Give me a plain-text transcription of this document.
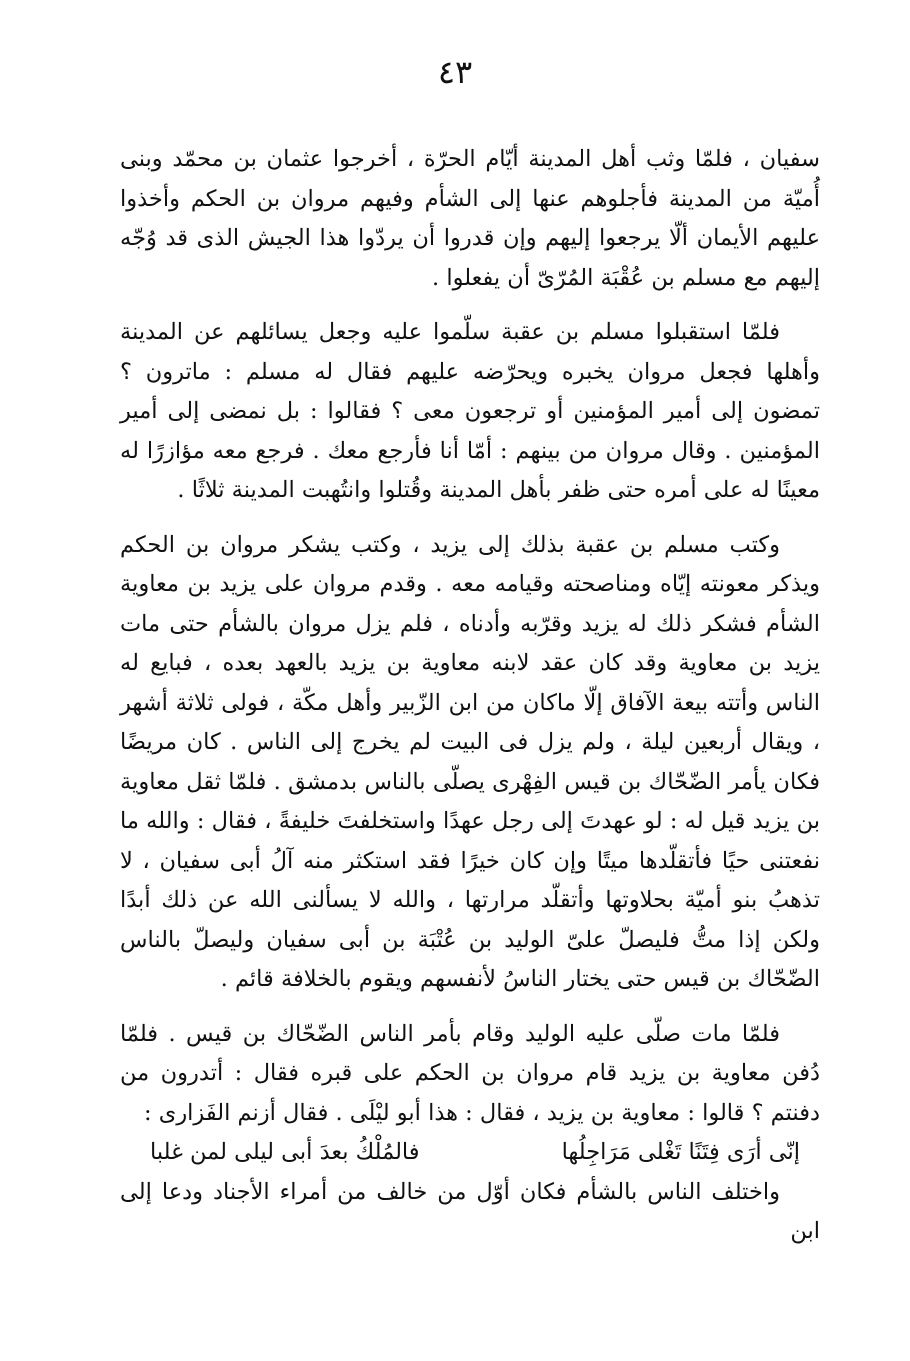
٤٣

سفيان ، فلمّا وثب أهل المدينة أيّام الحرّة ، أخرجوا عثمان بن محمّد وبنى أُميّة من المدينة فأجلوهم عنها إلى الشأم وفيهم مروان بن الحكم وأخذوا عليهم الأيمان ألّا يرجعوا إليهم وإن قدروا أن يردّوا هذا الجيش الذى قد وُجّه إليهم مع مسلم بن عُقْبَة المُرّىّ أن يفعلوا .

فلمّا استقبلوا مسلم بن عقبة سلّموا عليه وجعل يسائلهم عن المدينة وأهلها فجعل مروان يخبره ويحرّضه عليهم فقال له مسلم : ماترون ؟ تمضون إلى أمير المؤمنين أو ترجعون معى ؟ فقالوا : بل نمضى إلى أمير المؤمنين . وقال مروان من بينهم : أمّا أنا فأرجع معك . فرجع معه مؤازرًا له معينًا له على أمره حتى ظفر بأهل المدينة وقُتلوا وانتُهبت المدينة ثلاثًا .

وكتب مسلم بن عقبة بذلك إلى يزيد ، وكتب يشكر مروان بن الحكم ويذكر معونته إيّاه ومناصحته وقيامه معه . وقدم مروان على يزيد بن معاوية الشأم فشكر ذلك له يزيد وقرّبه وأدناه ، فلم يزل مروان بالشأم حتى مات يزيد بن معاوية وقد كان عقد لابنه معاوية بن يزيد بالعهد بعده ، فبايع له الناس وأتته بيعة الآفاق إلّا ماكان من ابن الزّبير وأهل مكّة ، فولى ثلاثة أشهر ، ويقال أربعين ليلة ، ولم يزل فى البيت لم يخرج إلى الناس . كان مريضًا فكان يأمر الضّحّاك بن قيس الفِهْرى يصلّى بالناس بدمشق . فلمّا ثقل معاوية بن يزيد قيل له : لو عهدتَ إلى رجل عهدًا واستخلفتَ خليفةً ، فقال : والله ما نفعتنى حيًا فأتقلّدها ميتًا وإن كان خيرًا فقد استكثر منه آلُ أبى سفيان ، لا تذهبُ بنو أميّة بحلاوتها وأتقلّد مرارتها ، والله لا يسألنى الله عن ذلك أبدًا ولكن إذا متُّ فليصلّ علىّ الوليد بن عُتْبَة بن أبى سفيان وليصلّ بالناس الضّحّاك بن قيس حتى يختار الناسُ لأنفسهم ويقوم بالخلافة قائم .

فلمّا مات صلّى عليه الوليد وقام بأمر الناس الضّحّاك بن قيس . فلمّا دُفن معاوية بن يزيد قام مروان بن الحكم على قبره فقال : أتدرون من دفنتم ؟ قالوا : معاوية بن يزيد ، فقال : هذا أبو ليْلَى . فقال أزنم الفَزارى :

إنّى أرَى فِتَنًا تَغْلى مَرَاجِلُها
فالمُلْكُ بعدَ أبى ليلى لمن غلبا

واختلف الناس بالشأم فكان أوّل من خالف من أمراء الأجناد ودعا إلى ابن
